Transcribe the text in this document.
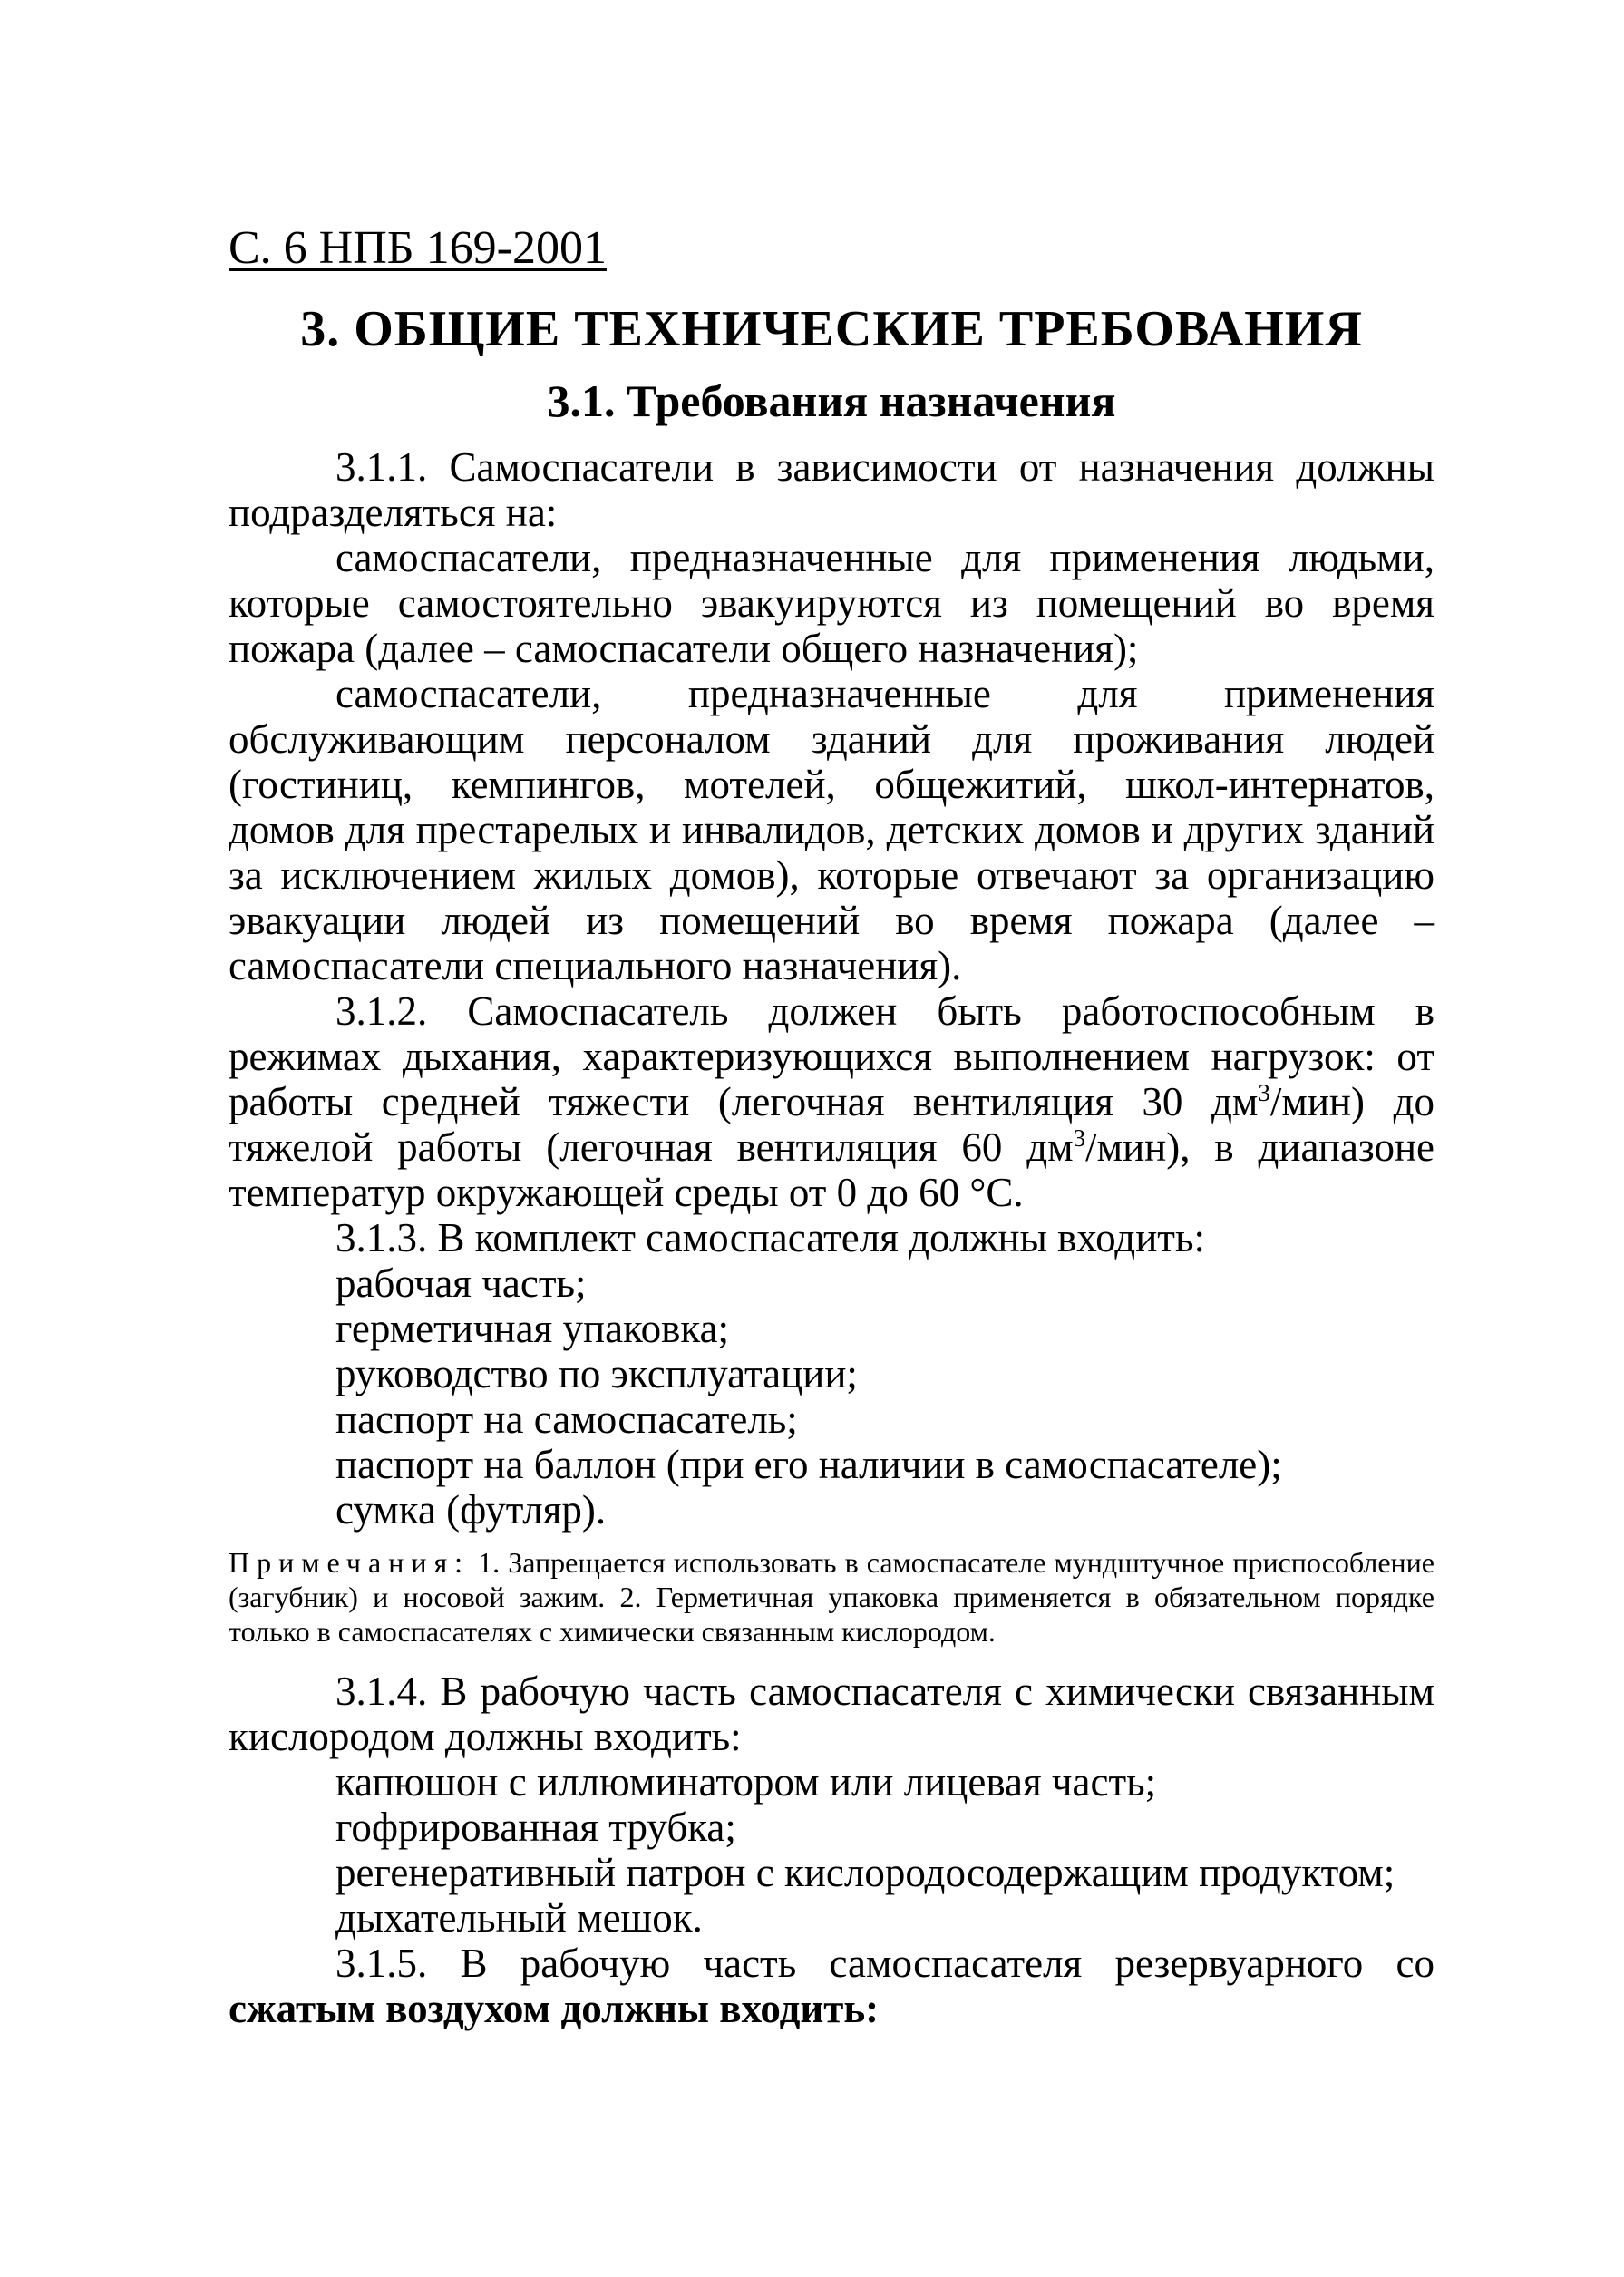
С. 6 НПБ 169-2001
3. ОБЩИЕ ТЕХНИЧЕСКИЕ ТРЕБОВАНИЯ
3.1. Требования назначения

3.1.1. Самоспасатели в зависимости от назначения должны подразделяться на:

самоспасатели, предназначенные для применения людьми, которые самостоятельно эвакуируются из помещений во время пожара (далее – самоспасатели общего назначения);

самоспасатели, предназначенные для применения обслуживающим персоналом зданий для проживания людей (гостиниц, кемпингов, мотелей, общежитий, школ-интернатов, домов для престарелых и инвалидов, детских домов и других зданий за исключением жилых домов), которые отвечают за организацию эвакуации людей из помещений во время пожара (далее – самоспасатели специального назначения).

3.1.2. Самоспасатель должен быть работоспособным в режимах дыхания, характеризующихся выполнением нагрузок: от работы средней тяжести (легочная вентиляция 30 $дм^3/мин$) до тяжелой работы (легочная вентиляция 60 $дм^3/мин$), в диапазоне температур окружающей среды от 0 до 60 °С.

3.1.3. В комплект самоспасателя должны входить:

рабочая часть;

герметичная упаковка;

руководство по эксплуатации;

паспорт на самоспасатель;

паспорт на баллон (при его наличии в самоспасателе);

сумка (футляр).

Примечания: 1. Запрещается использовать в самоспасателе мундштучное приспособление (загубник) и носовой зажим. 2. Герметичная упаковка применяется в обязательном порядке только в самоспасателях с химически связанным кислородом.

3.1.4. В рабочую часть самоспасателя с химически связанным кислородом должны входить:

капюшон с иллюминатором или лицевая часть;

гофрированная трубка;

регенеративный патрон с кислородосодержащим продуктом;

дыхательный мешок.

3.1.5. В рабочую часть самоспасателя резервуарного со сжатым воздухом должны входить:
